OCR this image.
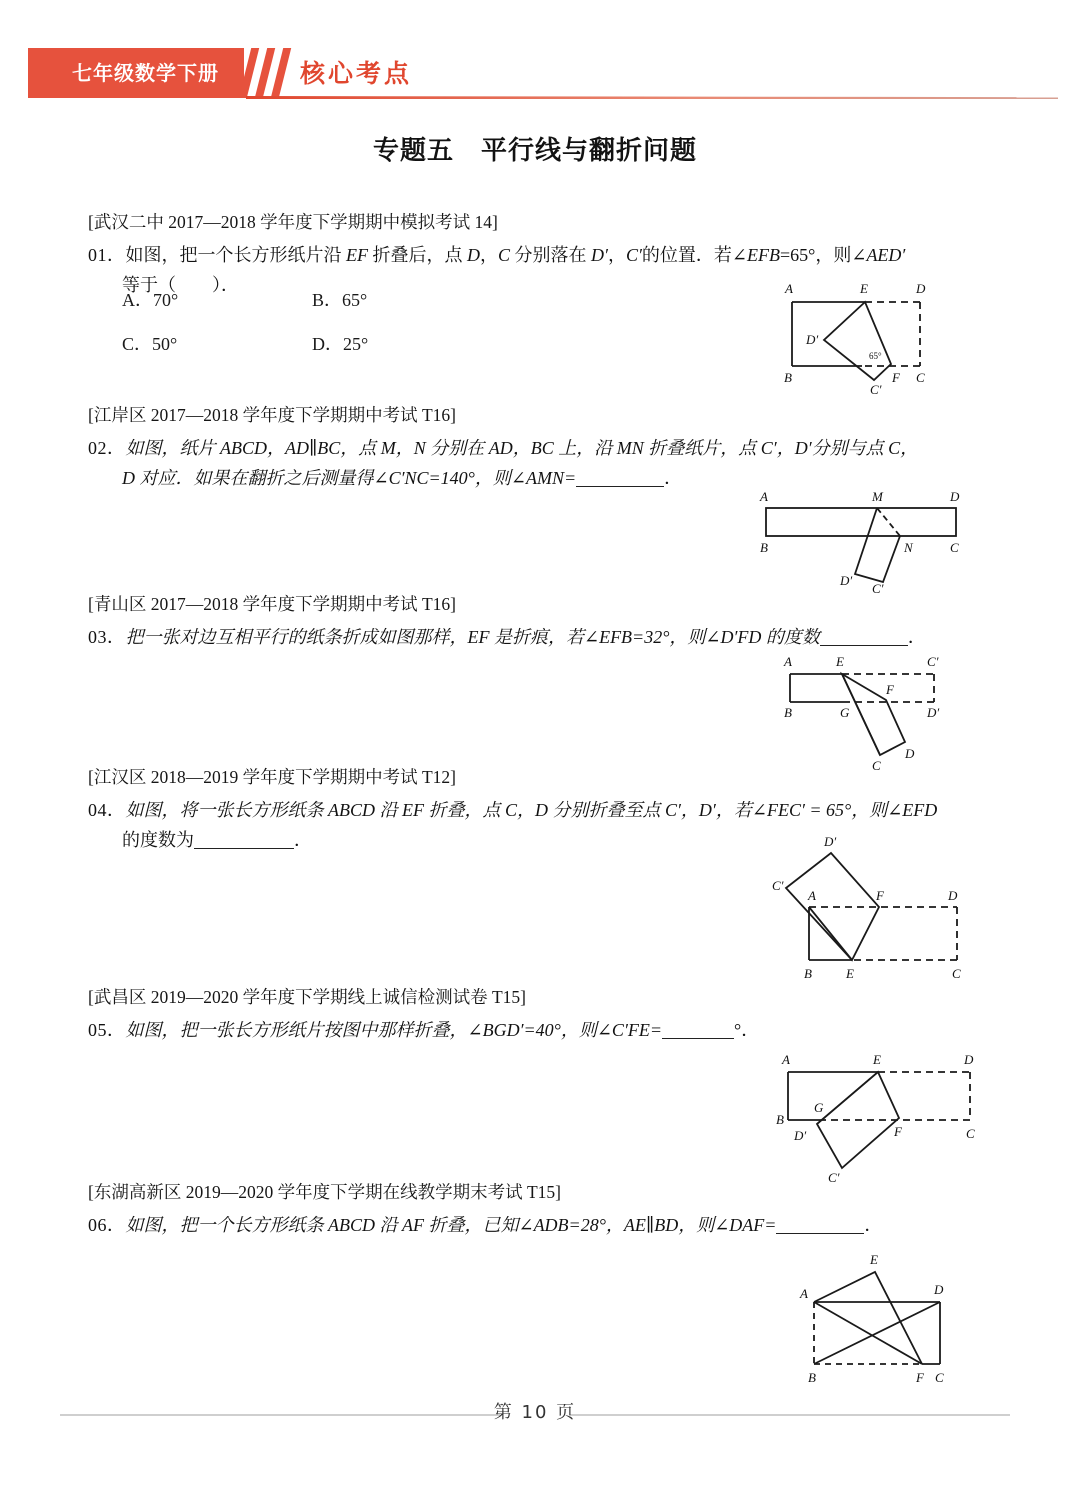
七年级数学下册	核心考点
专题五　平行线与翻折问题
[武汉二中 2017—2018 学年度下学期期中模拟考试 14]
01．如图，把一个长方形纸片沿 EF 折叠后，点 D，C 分别落在 D′，C′的位置．若∠EFB=65°，则∠AED′
等于（　　）．
A．70°	B．65°
C．50°	D．25°
A	E	D
D′
B	F C
C′
65°
[江岸区 2017—2018 学年度下学期期中考试 T16]
02．如图，纸片 ABCD，AD∥BC，点 M，N 分别在 AD，BC 上，沿 MN 折叠纸片，点 C′，D′分别与点 C，
D 对应．如果在翻折之后测量得∠C′NC=140°，则∠AMN=	．
A	M	D
B	N	C
D′
C′
[青山区 2017—2018 学年度下学期期中考试 T16]
03．把一张对边互相平行的纸条折成如图那样，EF 是折痕，若∠EFB=32°，则∠D′FD 的度数	．
A	E	C′
F
B	G	D′
C
D
[江汉区 2018—2019 学年度下学期期中考试 T12]
04．如图，将一张长方形纸条 ABCD 沿 EF 折叠，点 C，D 分别折叠至点 C′，D′，若∠FEC′ = 65°，则∠EFD
的度数为	．	D′
C′
A	F	D
B	E	C
[武昌区 2019—2020 学年度下学期线上诚信检测试卷 T15]
05．如图，把一张长方形纸片按图中那样折叠，∠BGD′=40°，则∠C′FE=	°．
A	E	D
B
G
F	C
D′
C′
[东湖高新区 2019—2020 学年度下学期在线教学期末考试 T15]
06．如图，把一个长方形纸条 ABCD 沿 AF 折叠，已知∠ADB=28°，AE∥BD，则∠DAF=	．
E
A	D
B	F C
第 10 页
